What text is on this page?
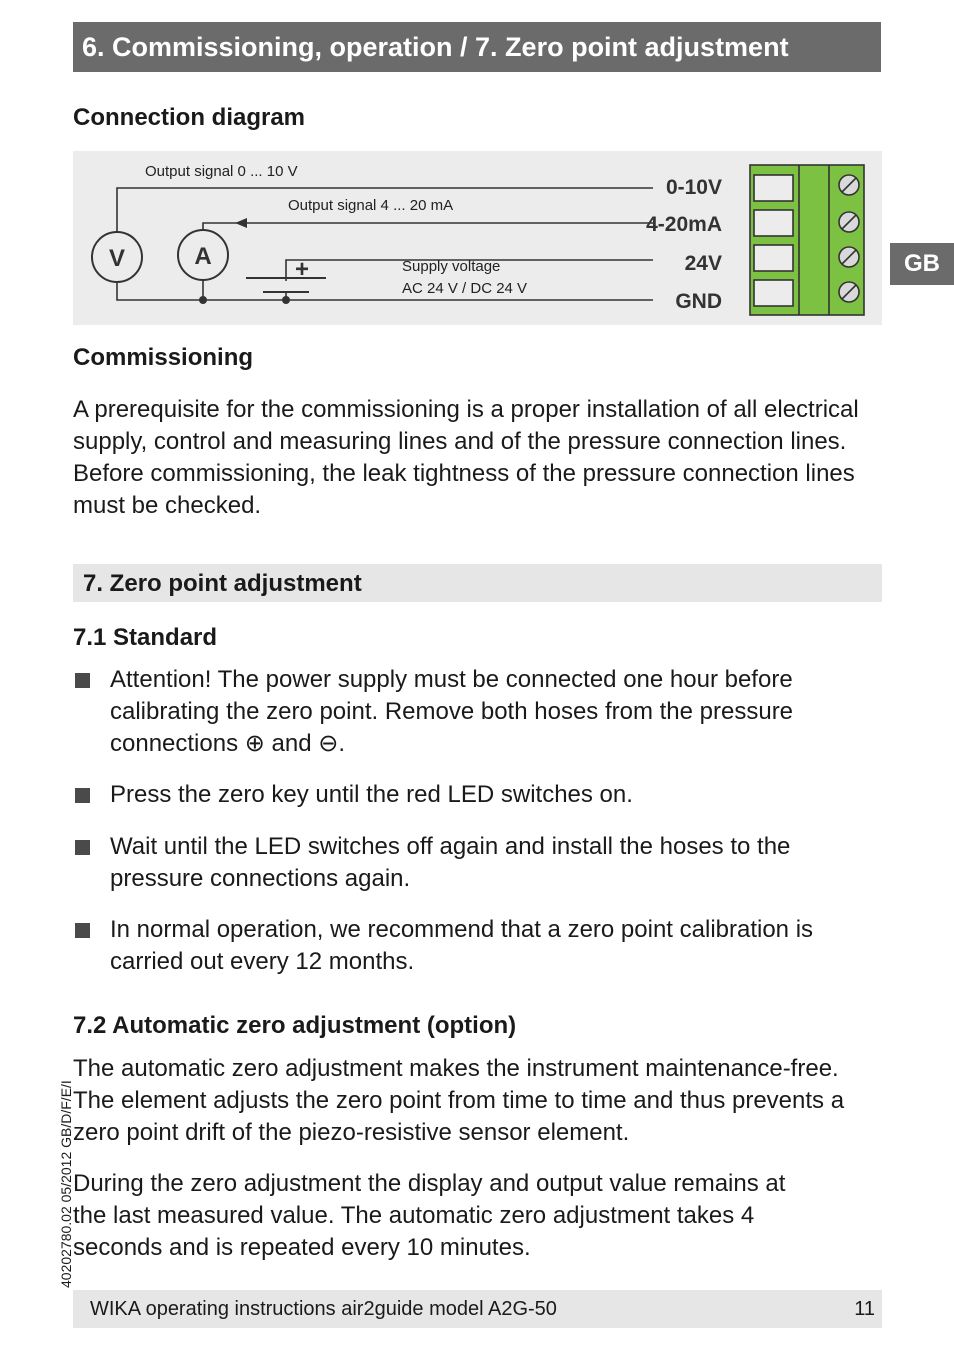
6. Commissioning, operation / 7. Zero point adjustment
GB
Connection diagram
V	A	+
Output signal 0 ... 10 V
Output signal 4 ... 20 mA
Supply voltage
AC 24 V / DC 24 V
0-10V
4-20mA
24V
GND
Commissioning

A prerequisite for the commissioning is a proper installation of all electrical supply, control and measuring lines and of the pressure connection lines. Before commissioning, the leak tightness of the pressure connection lines must be checked.

7. Zero point adjustment
7.1 Standard
Attention! The power supply must be connected one hour before calibrating the zero point. Remove both hoses from the pressure connections ⊕ and ⊖.
Press the zero key until the red LED switches on.
Wait until the LED switches off again and install the hoses to the pressure connections again.
In normal operation, we recommend that a zero point calibration is carried out every 12 months.
7.2 Automatic zero adjustment (option)

The automatic zero adjustment makes the instrument maintenance-free. The element adjusts the zero point from time to time and thus prevents a zero point drift of the piezo-resistive sensor element.

During the zero adjustment the display and output value remains at the last measured value. The automatic zero adjustment takes 4 seconds and is repeated every 10 minutes.

40202780.02 05/2012 GB/D/F/E/I
WIKA operating instructions air2guide model A2G-50	11
